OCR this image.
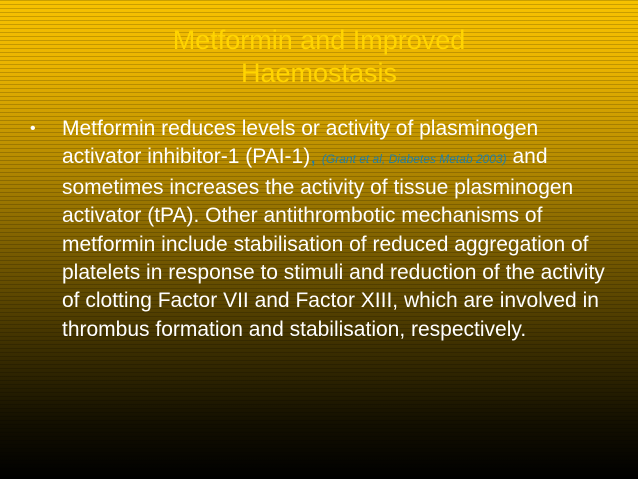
Metformin and Improved
Haemostasis
• Metformin reduces levels or activity of plasminogen activator inhibitor-1 (PAI-1), (Grant et al, Diabetes Metab 2003) and sometimes increases the activity of tissue plasminogen activator (tPA). Other antithrombotic mechanisms of metformin include stabilisation of reduced aggregation of platelets in response to stimuli and reduction of the activity of clotting Factor VII and Factor XIII, which are involved in thrombus formation and stabilisation, respectively.
